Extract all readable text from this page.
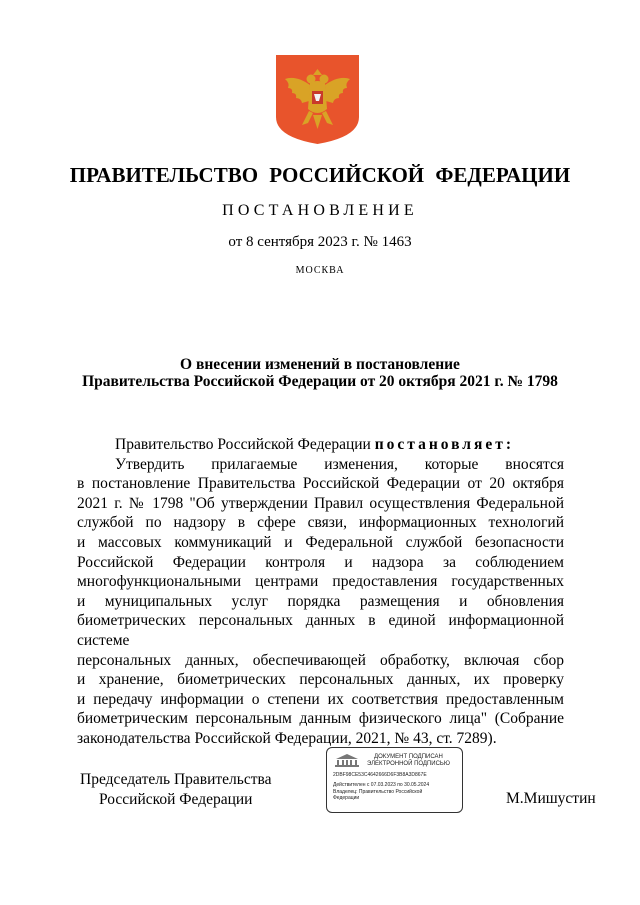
ПРАВИТЕЛЬСТВО РОССИЙСКОЙ ФЕДЕРАЦИИ
ПОСТАНОВЛЕНИЕ
от 8 сентября 2023 г. № 1463
МОСКВА
О внесении изменений в постановление
Правительства Российской Федерации от 20 октября 2021 г. № 1798

Правительство Российской Федерации постановляет:

Утвердить прилагаемые изменения, которые вносятся

в постановление Правительства Российской Федерации от 20 октября

2021 г. № 1798 "Об утверждении Правил осуществления Федеральной

службой по надзору в сфере связи, информационных технологий

и массовых коммуникаций и Федеральной службой безопасности

Российской Федерации контроля и надзора за соблюдением

многофункциональными центрами предоставления государственных

и муниципальных услуг порядка размещения и обновления

биометрических персональных данных в единой информационной системе

персональных данных, обеспечивающей обработку, включая сбор

и хранение, биометрических персональных данных, их проверку

и передачу информации о степени их соответствия предоставленным

биометрическим персональным данным физического лица" (Собрание

законодательства Российской Федерации, 2021, № 43, ст. 7289).

Председатель Правительства
Российской Федерации
ДОКУМЕНТ ПОДПИСАН
ЭЛЕКТРОННОЙ ПОДПИСЬЮ
2DBF98CE53C4642666D6F3B8A3D867E
Действителен с 07.03.2023 по 30.05.2024
Владелец: Правительство Российской
Федерации	М.Мишустин
